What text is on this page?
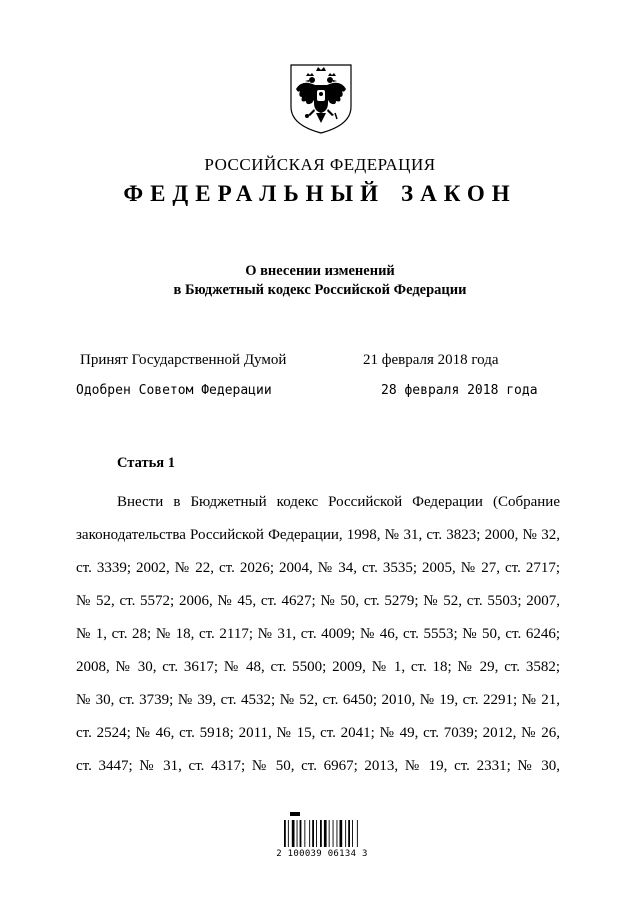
РОССИЙСКАЯ ФЕДЕРАЦИЯ
ФЕДЕРАЛЬНЫЙ ЗАКОН
О внесении изменений
в Бюджетный кодекс Российской Федерации
Принят Государственной Думой	21 февраля 2018 года
Одобрен Советом Федерации	28 февраля 2018 года
Статья 1
Внести в Бюджетный кодекс Российской Федерации (Собрание
законодательства Российской Федерации, 1998, № 31, ст. 3823; 2000, № 32,
ст. 3339; 2002, № 22, ст. 2026; 2004, № 34, ст. 3535; 2005, № 27, ст. 2717;
№ 52, ст. 5572; 2006, № 45, ст. 4627; № 50, ст. 5279; № 52, ст. 5503; 2007,
№ 1, ст. 28; № 18, ст. 2117; № 31, ст. 4009; № 46, ст. 5553; № 50, ст. 6246;
2008, № 30, ст. 3617; № 48, ст. 5500; 2009, № 1, ст. 18; № 29, ст. 3582;
№ 30, ст. 3739; № 39, ст. 4532; № 52, ст. 6450; 2010, № 19, ст. 2291; № 21,
ст. 2524; № 46, ст. 5918; 2011, № 15, ст. 2041; № 49, ст. 7039; 2012, № 26,
ст. 3447; № 31, ст. 4317; № 50, ст. 6967; 2013, № 19, ст. 2331; № 30,
2 100039 06134 3
